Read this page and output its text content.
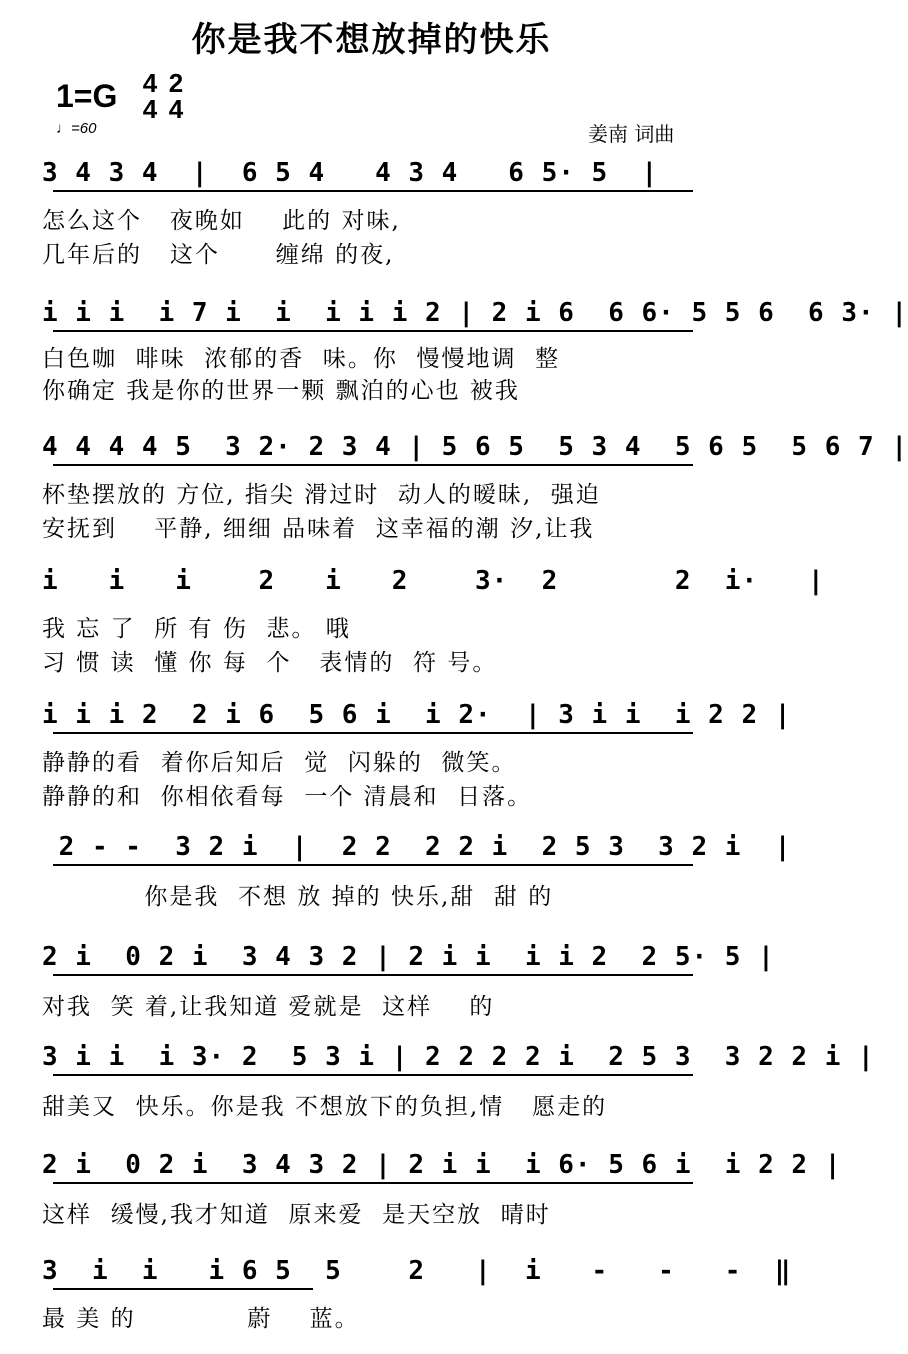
你是我不想放掉的快乐
1=G 4
4
2
4
♩=60	姜南 词曲
3 4 3 4  |  6 5 4   4 3 4   6 5· 5  |
怎么这个   夜晚如    此的 对味,
几年后的   这个      缠绵 的夜,
i i i  i 7 i  i  i i i 2 | 2 i 6  6 6· 5 5 6  6 3· |
白色咖  啡味  浓郁的香  味。你  慢慢地调  整
你确定 我是你的世界一颗 飘泊的心也 被我
4 4 4 4 5  3 2· 2 3 4 | 5 6 5  5 3 4  5 6 5  5 6 7 |
杯垫摆放的 方位, 指尖 滑过时  动人的暧昧,  强迫
安抚到    平静, 细细 品味着  这幸福的潮 汐,让我
i   i   i    2   i   2    3·  2       2  i·   |
我 忘 了  所 有 伤  悲。 哦
习 惯 读  懂 你 每  个   表情的  符 号。
i i i 2  2 i 6  5 6 i  i 2·  | 3 i i  i 2 2 |
静静的看  着你后知后  觉  闪躲的  微笑。
静静的和  你相依看每  一个 清晨和  日落。
2 - -  3 2 i  |  2 2  2 2 i  2 5 3  3 2 i  |
你是我  不想 放 掉的 快乐,甜  甜 的
2 i  0 2 i  3 4 3 2 | 2 i i  i i 2  2 5· 5 |
对我  笑 着,让我知道 爱就是  这样    的
3 i i  i 3· 2  5 3 i | 2 2 2 2 i  2 5 3  3 2 2 i |
甜美又  快乐。你是我 不想放下的负担,情   愿走的
2 i  0 2 i  3 4 3 2 | 2 i i  i 6· 5 6 i  i 2 2 |
这样  缓慢,我才知道  原来爱  是天空放  晴时
3  i  i   i 6 5  5    2   |  i   -   -   -  ‖
最 美 的            蔚    蓝。
